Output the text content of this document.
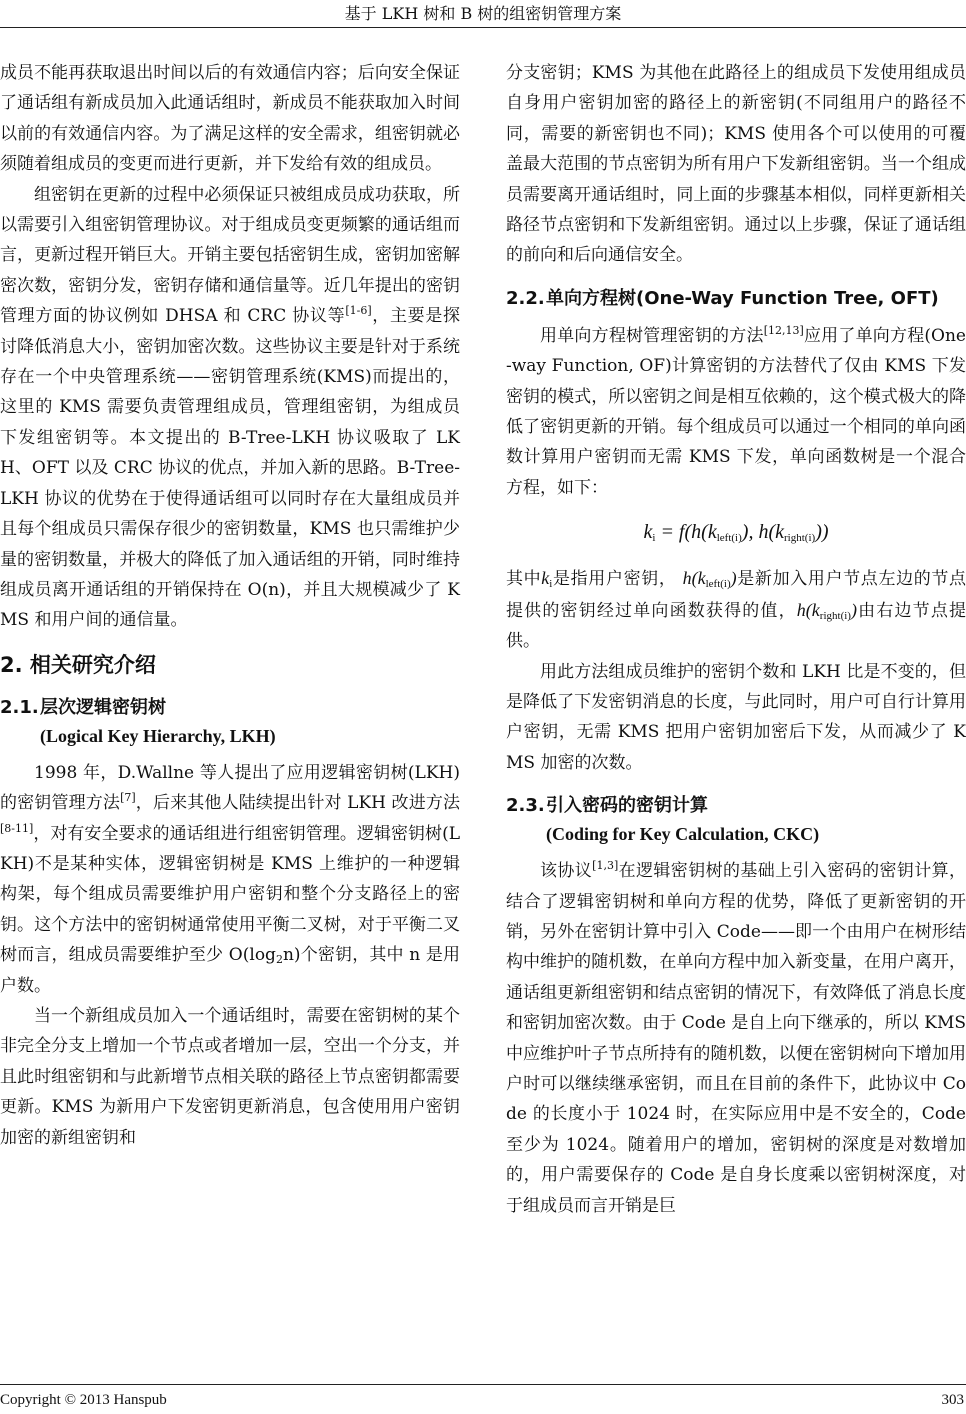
基于 LKH 树和 B 树的组密钥管理方案

成员不能再获取退出时间以后的有效通信内容；后向安全保证了通话组有新成员加入此通话组时，新成员不能获取加入时间以前的有效通信内容。为了满足这样的安全需求，组密钥就必须随着组成员的变更而进行更新，并下发给有效的组成员。

组密钥在更新的过程中必须保证只被组成员成功获取，所以需要引入组密钥管理协议。对于组成员变更频繁的通话组而言，更新过程开销巨大。开销主要包括密钥生成，密钥加密解密次数，密钥分发，密钥存储和通信量等。近几年提出的密钥管理方面的协议例如 DHSA 和 CRC 协议等[1-6]，主要是探讨降低消息大小，密钥加密次数。这些协议主要是针对于系统存在一个中央管理系统——密钥管理系统(KMS)而提出的，这里的 KMS 需要负责管理组成员，管理组密钥，为组成员下发组密钥等。本文提出的 B-Tree-LKH 协议吸取了 LKH、OFT 以及 CRC 协议的优点，并加入新的思路。B-Tree-LKH 协议的优势在于使得通话组可以同时存在大量组成员并且每个组成员只需保存很少的密钥数量，KMS 也只需维护少量的密钥数量，并极大的降低了加入通话组的开销，同时维持组成员离开通话组的开销保持在 O(n)，并且大规模减少了 KMS 和用户间的通信量。

2. 相关研究介绍
2.1.层次逻辑密钥树
(Logical Key Hierarchy, LKH)

1998 年，D.Wallne 等人提出了应用逻辑密钥树(LKH)的密钥管理方法[7]，后来其他人陆续提出针对 LKH 改进方法[8-11]，对有安全要求的通话组进行组密钥管理。逻辑密钥树(LKH)不是某种实体，逻辑密钥树是 KMS 上维护的一种逻辑构架，每个组成员需要维护用户密钥和整个分支路径上的密钥。这个方法中的密钥树通常使用平衡二叉树，对于平衡二叉树而言，组成员需要维护至少 $O(\log_2n)$个密钥，其中 n 是用户数。

当一个新组成员加入一个通话组时，需要在密钥树的某个非完全分支上增加一个节点或者增加一层，空出一个分支，并且此时组密钥和与此新增节点相关联的路径上节点密钥都需要更新。KMS 为新用户下发密钥更新消息，包含使用用户密钥加密的新组密钥和

分支密钥；KMS 为其他在此路径上的组成员下发使用组成员自身用户密钥加密的路径上的新密钥(不同组用户的路径不同，需要的新密钥也不同)；KMS 使用各个可以使用的可覆盖最大范围的节点密钥为所有用户下发新组密钥。当一个组成员需要离开通话组时，同上面的步骤基本相似，同样更新相关路径节点密钥和下发新组密钥。通过以上步骤，保证了通话组的前向和后向通信安全。

2.2.单向方程树(One-Way Function Tree, OFT)

用单向方程树管理密钥的方法[12,13]应用了单向方程(One-way Function, OF)计算密钥的方法替代了仅由 KMS 下发密钥的模式，所以密钥之间是相互依赖的，这个模式极大的降低了密钥更新的开销。每个组成员可以通过一个相同的单向函数计算用户密钥而无需 KMS 下发，单向函数树是一个混合方程，如下：

$k_i = f(h(k_{left(i)})$, $h(k_{right(i)})$)

其中$k_i$是指用户密钥， $h(k_{left(i)})$是新加入用户节点左边的节点提供的密钥经过单向函数获得的值，$h(k_{right(i)})$由右边节点提供。

用此方法组成员维护的密钥个数和 LKH 比是不变的，但是降低了下发密钥消息的长度，与此同时，用户可自行计算用户密钥，无需 KMS 把用户密钥加密后下发，从而减少了 KMS 加密的次数。

2.3.引入密码的密钥计算
(Coding for Key Calculation, CKC)

该协议[1,3]在逻辑密钥树的基础上引入密码的密钥计算，结合了逻辑密钥树和单向方程的优势，降低了更新密钥的开销，另外在密钥计算中引入 Code——即一个由用户在树形结构中维护的随机数，在单向方程中加入新变量，在用户离开，通话组更新组密钥和结点密钥的情况下，有效降低了消息长度和密钥加密次数。由于 Code 是自上向下继承的，所以 KMS 中应维护叶子节点所持有的随机数，以便在密钥树向下增加用户时可以继续继承密钥，而且在目前的条件下，此协议中 Code 的长度小于 1024 时，在实际应用中是不安全的，Code 至少为 1024。随着用户的增加，密钥树的深度是对数增加的，用户需要保存的 Code 是自身长度乘以密钥树深度，对于组成员而言开销是巨

Copyright © 2013 Hanspub	303
